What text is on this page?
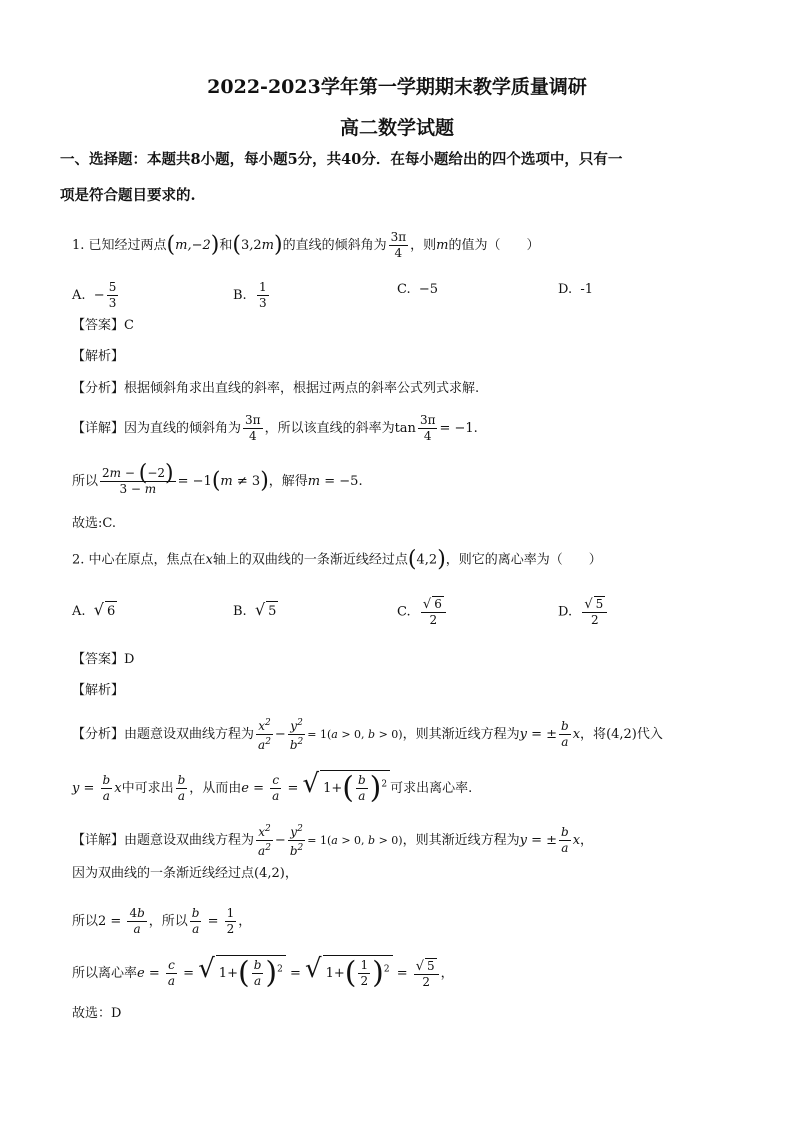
2022-2023学年第一学期期末教学质量调研
高二数学试题
一、选择题：本题共8小题，每小题5分，共40分．在每小题给出的四个选项中，只有一
项是符合题目要求的.
1. 已知经过两点(m,−2)和(3,2m)的直线的倾斜角为 $\frac{3\pi}{4}$ ，则m的值为（　　）
A.  − $\frac{5}{3}$	B. $\frac{1}{3}$	C. −5	D. -1
【答案】C
【解析】
【分析】根据倾斜角求出直线的斜率，根据过两点的斜率公式列式求解.
【详解】因为直线的倾斜角为 $\frac{3\pi}{4}$ ，所以该直线的斜率为$\tan \frac{3\pi}{4} = -1$.
所以 $\frac{2m - (-2)}{3 - m} = -1(m \ne 3)$，解得m = −5.
故选:C.
2. 中心在原点，焦点在x轴上的双曲线的一条渐近线经过点(4,2)，则它的离心率为（　　）
A. √ 6	B. √ 5	C. $\frac{√ 6}{2}$	D. $\frac{√ 5}{2}$
【答案】D
【解析】
【分析】由题意设双曲线方程为 $\frac{x^2}{a^2} - \frac{y^2}{b^2} = 1(a > 0$, b > 0)，则其渐近线方程为y = ± $\frac{b}{a}$ x，将(4,2)代入
$y = \frac{b}{a}$ x中可求出 $\frac{b}{a}$ ，从而由$e = \frac{c}{a}$ = √ $1+( \frac{b}{a} )^2$ 可求出离心率.
【详解】由题意设双曲线方程为 $\frac{x^2}{a^2} - \frac{y^2}{b^2} = 1(a > 0$, b > 0)，则其渐近线方程为y = ± $\frac{b}{a}$ x，
因为双曲线的一条渐近线经过点(4,2)，
所以$2 = \frac{4b}{a}$ ，所以 $\frac{b}{a} = \frac{1}{2}$ ，
所以离心率$e = \frac{c}{a}$ = √ $1+( \frac{b}{a} )^2$ = √ $1+( \frac{1}{2} )^2 = \frac{√ 5}{2}$ ，
故选：D
